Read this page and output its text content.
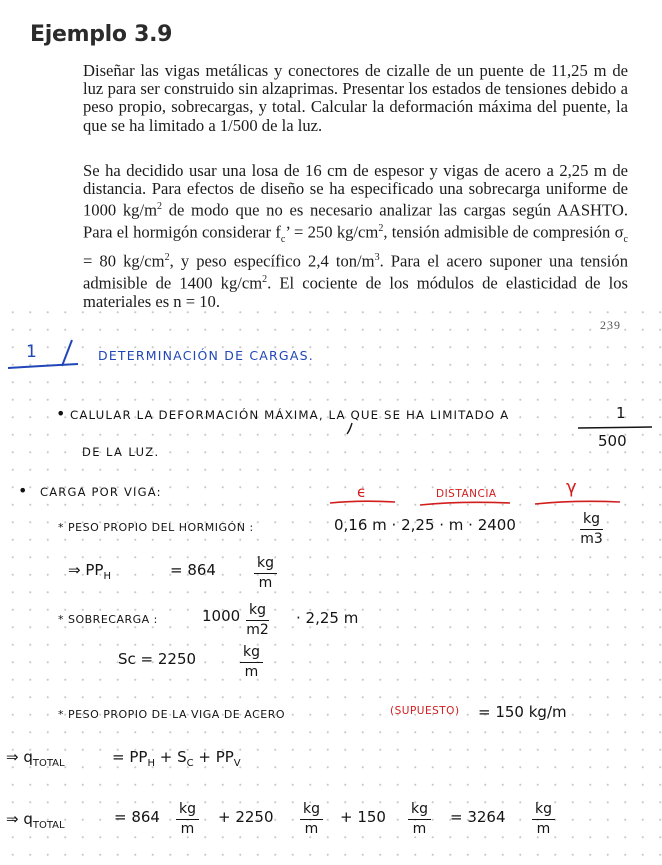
Ejemplo 3.9
Diseñar las vigas metálicas y conectores de cizalle de un puente de 11,25 m de luz para ser construido sin alzaprimas. Presentar los estados de tensiones debido a peso propio, sobrecargas, y total. Calcular la deformación máxima del puente, la que se ha limitado a 1/500 de la luz.
Se ha decidido usar una losa de 16 cm de espesor y vigas de acero a 2,25 m de distancia. Para efectos de diseño se ha especificado una sobrecarga uniforme de 1000 $kg/m^2$ de modo que no es necesario analizar las cargas según AASHTO. Para el hormigón considerar $f_c$’ = 250 $kg/cm^2$, tensión admisible de compresión $\sigma_c = 80$ $kg/cm^2$, y peso específico 2,4 ton/$m^3$. Para el acero suponer una tensión admisible de 1400 $kg/cm^2$. El cociente de los módulos de elasticidad de los materiales es n = 10.
239
1	DETERMINACIÓN DE CARGAS.
• CALULAR LA DEFORMACIÓN MÁXIMA, LA QUE SE HA LIMITADO A	1
500
DE LA LUZ.
• CARGA POR VIGA:	ϵ	DISTANCIA	γ
* PESO PROPIO DEL HORMIGÓN :	0,16 m · 2,25 · m · 2400	$\frac{kg}{m3}$
⇒ $PP_H$	= 864	$\frac{kg}{m}$
* SOBRECARGA :	$1000 \frac{kg}{m2} \cdot 2,25$ m
Sc = 2250	$\frac{kg}{m}$
* PESO PROPIO DE LA VIGA DE ACERO	(SUPUESTO) = 150 kg/m
⇒ $q_{TOTAL}$	= $PP_H + S_C + PP_V$
⇒ $q_{TOTAL}$	= $864 \frac{kg}{m} + 2250 \frac{kg}{m} + 150 \frac{kg}{m} = 3264 \frac{kg}{m}$
